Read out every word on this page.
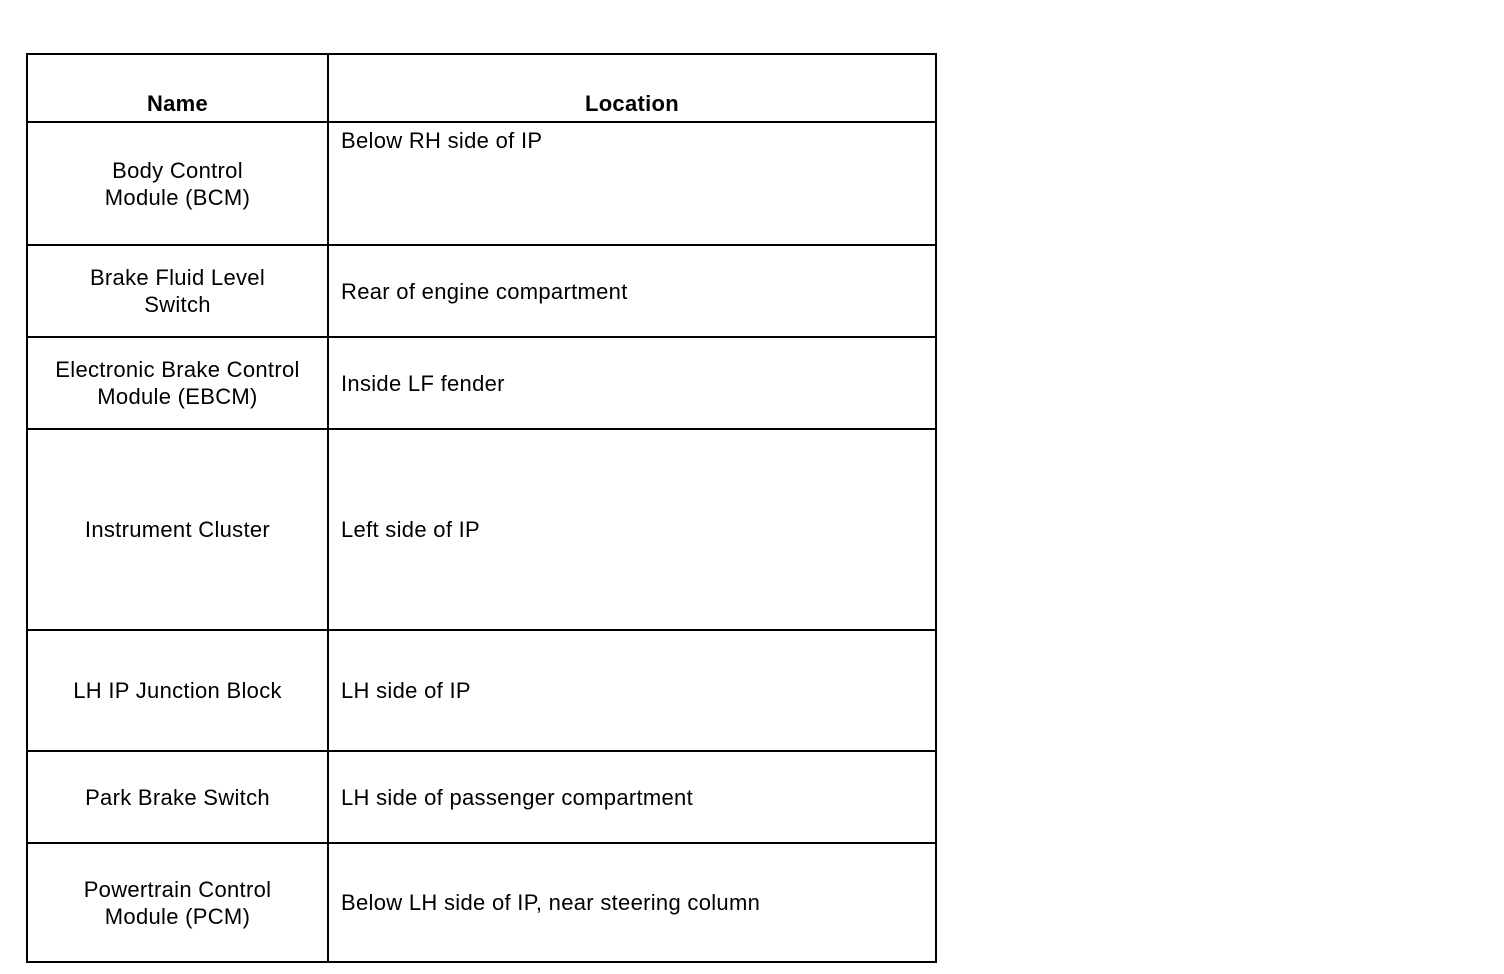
Name	Location
Body Control
Module (BCM)	Below RH side of IP
Brake Fluid Level
Switch	Rear of engine compartment
Electronic Brake Control
Module (EBCM)	Inside LF fender
Instrument Cluster	Left side of IP
LH IP Junction Block	LH side of IP
Park Brake Switch	LH side of passenger compartment
Powertrain Control
Module (PCM)	Below LH side of IP, near steering column
